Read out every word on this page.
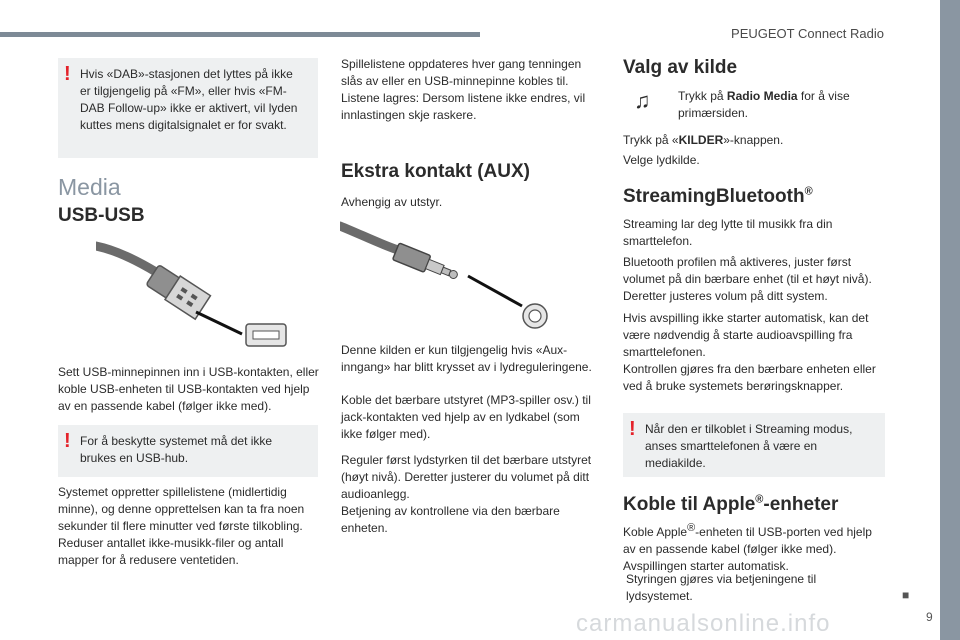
PEUGEOT Connect Radio
! Hvis «DAB»-stasjonen det lyttes på ikke er tilgjengelig på «FM», eller hvis «FM-DAB Follow-up» ikke er aktivert, vil lyden kuttes mens digitalsignalet er for svakt.
Media
USB-USB

Sett USB-minnepinnen inn i USB-kontakten, eller koble USB-enheten til USB-kontakten ved hjelp av en passende kabel (følger ikke med).

! For å beskytte systemet må det ikke brukes en USB-hub.

Systemet oppretter spillelistene (midlertidig minne), og denne opprettelsen kan ta fra noen sekunder til flere minutter ved første tilkobling. Reduser antallet ikke-musikk-filer og antall mapper for å redusere ventetiden.

Spillelistene oppdateres hver gang tenningen slås av eller en USB-minnepinne kobles til. Listene lagres: Dersom listene ikke endres, vil innlastingen skje raskere.

Ekstra kontakt (AUX)

Avhengig av utstyr.

Denne kilden er kun tilgjengelig hvis «Aux-inngang» har blitt krysset av i lydreguleringene.

Koble det bærbare utstyret (MP3-spiller osv.) til jack-kontakten ved hjelp av en lydkabel (som ikke følger med).

Reguler først lydstyrken til det bærbare utstyret (høyt nivå). Deretter justerer du volumet på ditt audioanlegg.
Betjening av kontrollene via den bærbare enheten.

Valg av kilde
♫ Trykk på Radio Media for å vise primærsiden.

Trykk på «KILDER»-knappen.

Velge lydkilde.

StreamingBluetooth®

Streaming lar deg lytte til musikk fra din smarttelefon.

Bluetooth profilen må aktiveres, juster først volumet på din bærbare enhet (til et høyt nivå). Deretter justeres volum på ditt system.

Hvis avspilling ikke starter automatisk, kan det være nødvendig å starte audioavspilling fra smarttelefonen.
Kontrollen gjøres fra den bærbare enheten eller ved å bruke systemets berøringsknapper.

! Når den er tilkoblet i Streaming modus, anses smarttelefonen å være en mediakilde.
Koble til Apple®-enheter

Koble Apple®-enheten til USB-porten ved hjelp av en passende kabel (følger ikke med).
Avspillingen starter automatisk.

Styringen gjøres via betjeningene til lydsystemet.	■
9
carmanualsonline.info
